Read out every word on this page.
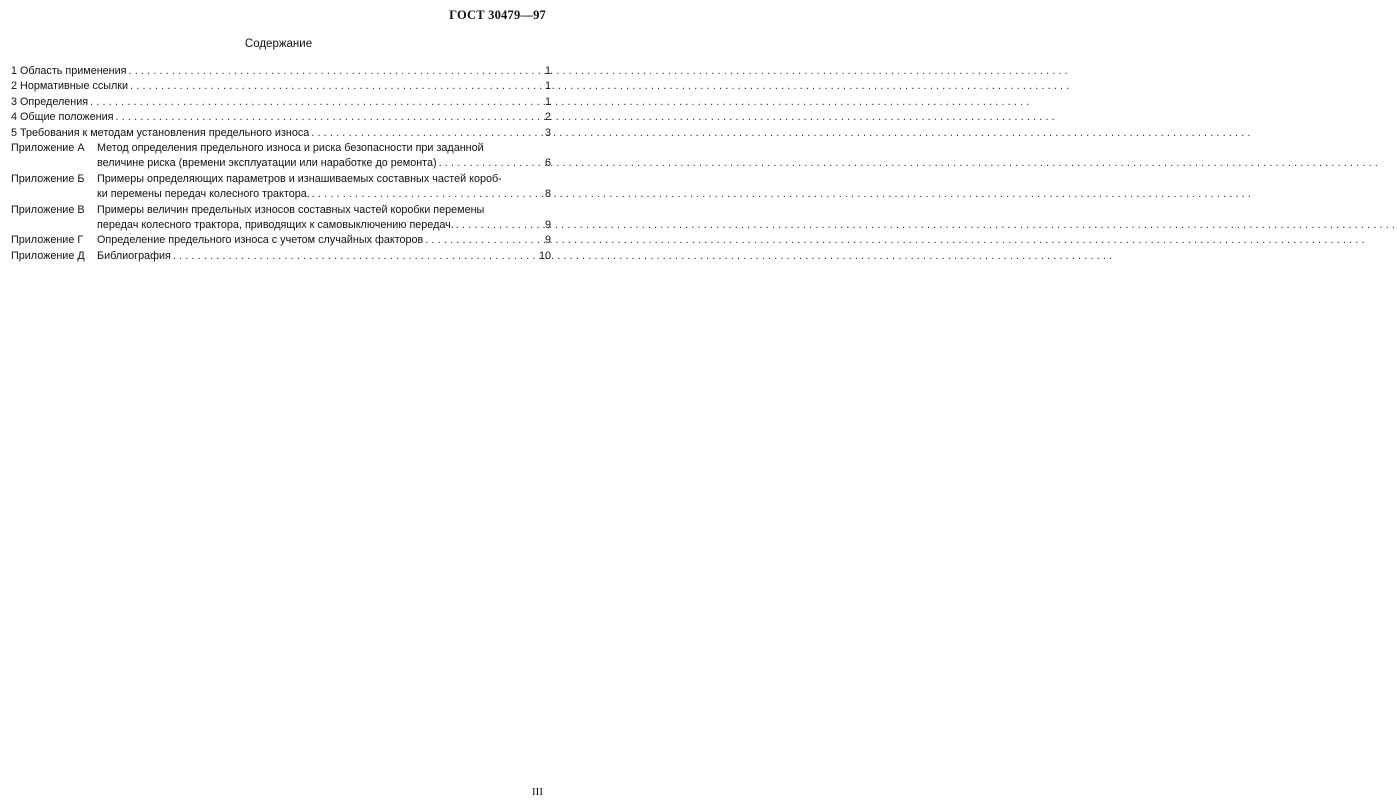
ГОСТ 30479—97
Содержание
1 Область применения .....	1
2 Нормативные ссылки .....	1
3 Определения .....	1
4 Общие положения .....	2
5 Требования к методам установления предельного износа .....	3
Приложение А	Метод определения предельного износа и риска безопасности при заданной
величине риска (времени эксплуатации или наработке до ремонта) .....	6
Приложение Б	Примеры определяющих параметров и изнашиваемых составных частей короб-
ки перемены передач колесного трактора. .....	8
Приложение В	Примеры величин предельных износов составных частей коробки перемены
передач колесного трактора, приводящих к самовыключению передач. .....	9
Приложение Г	Определение предельного износа с учетом случайных факторов .....	9
Приложение Д	Библиография .....	10
III
